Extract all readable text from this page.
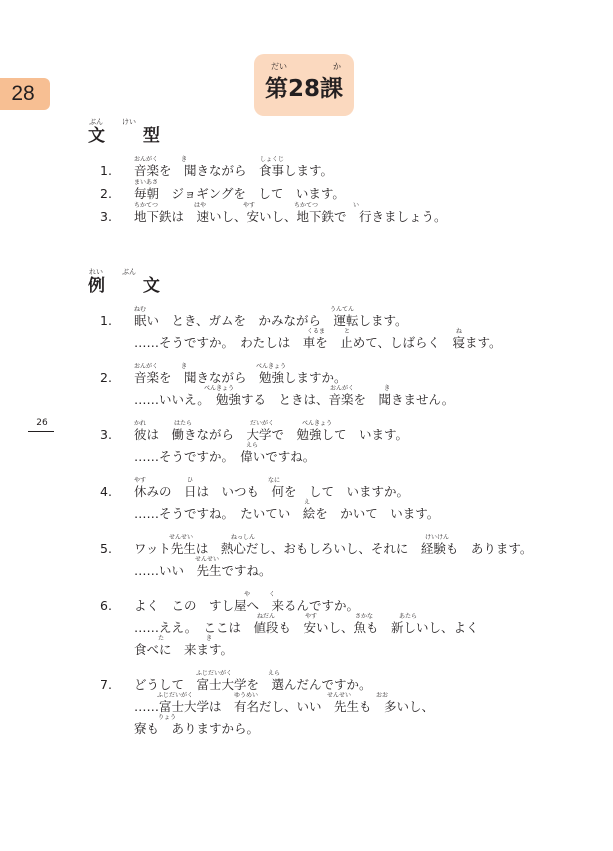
28
だい	か
第28課
ぶん	けい
文 型
れい	ぶん
例 文
26
1. 音楽を　聞きながら　食事します。
おんがく	き	しょくじ
2. 毎朝　ジョギングを　して　います。
まいあさ
3. 地下鉄は　速いし、安いし、地下鉄で　行きましょう。
ちかてつ	はや	やす	ちかてつ	い
1. 眠い　とき、ガムを　かみながら　運転します。
ねむ	うんてん
……そうですか。　わたしは　車を　止めて、しばらく　寝ます。
くるま	と	ね
2. 音楽を　聞きながら　勉強しますか。
おんがく	き	べんきょう
……いいえ。　勉強する　ときは、音楽を　聞きません。
べんきょう	おんがく	き
3. 彼は　働きながら　大学で　勉強して　います。
かれ	はたら	だいがく	べんきょう
……そうですか。　偉いですね。
えら
4. 休みの　日は　いつも　何を　して　いますか。
やす	ひ	なに
……そうですね。　たいてい　絵を　かいて　います。
え
5. ワット先生は　熱心だし、おもしろいし、それに　経験も　あります。
せんせい	ねっしん	けいけん
……いい　先生ですね。
せんせい
6. よく　この　すし屋へ　来るんですか。
や	く
……ええ。　ここは　値段も　安いし、魚も　新しいし、よく
ねだん	やす	さかな	あたら
食べに　来ます。
た	き
7. どうして　富士大学を　選んだんですか。
ふじだいがく	えら
……富士大学は　有名だし、いい　先生も　多いし、
ふじだいがく	ゆうめい	せんせい	おお
寮も　ありますから。
りょう
